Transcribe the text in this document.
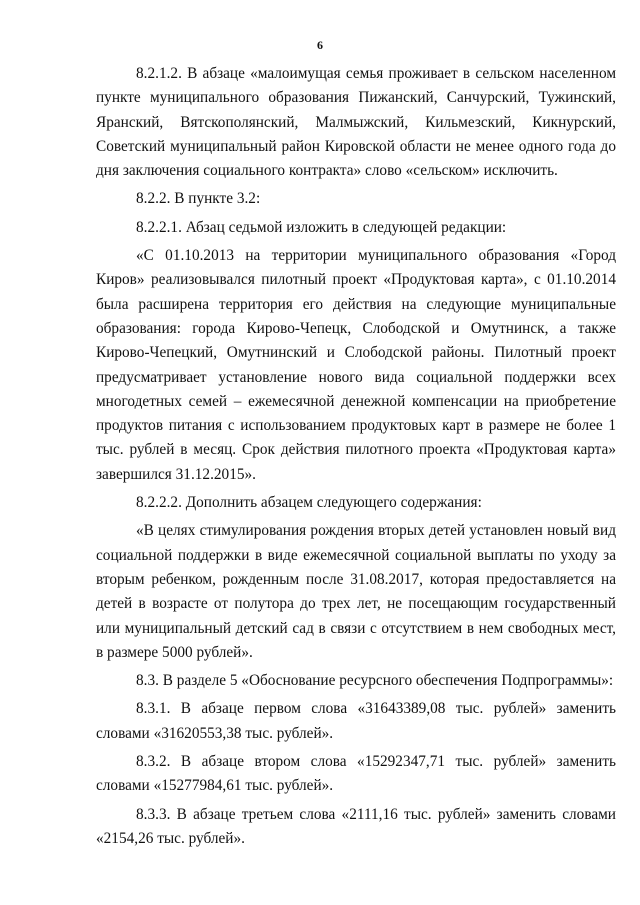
6

8.2.1.2. В абзаце «малоимущая семья проживает в сельском населенном пункте муниципального образования Пижанский, Санчурский, Тужинский, Яранский, Вятскополянский, Малмыжский, Кильмезский, Кикнурский, Советский муниципальный район Кировской области не менее одного года до дня заключения социального контракта» слово «сельском» исключить.

8.2.2. В пункте 3.2:

8.2.2.1. Абзац седьмой изложить в следующей редакции:

«С 01.10.2013 на территории муниципального образования «Город Киров» реализовывался пилотный проект «Продуктовая карта», с 01.10.2014 была расширена территория его действия на следующие муниципальные образования: города Кирово-Чепецк, Слободской и Омутнинск, а также Кирово-Чепецкий, Омутнинский и Слободской районы. Пилотный проект предусматривает установление нового вида социальной поддержки всех многодетных семей – ежемесячной денежной компенсации на приобретение продуктов питания с использованием продуктовых карт в размере не более 1 тыс. рублей в месяц. Срок действия пилотного проекта «Продуктовая карта» завершился 31.12.2015».

8.2.2.2. Дополнить абзацем следующего содержания:

«В целях стимулирования рождения вторых детей установлен новый вид социальной поддержки в виде ежемесячной социальной выплаты по уходу за вторым ребенком, рожденным после 31.08.2017, которая предоставляется на детей в возрасте от полутора до трех лет, не посещающим государственный или муниципальный детский сад в связи с отсутствием в нем свободных мест, в размере 5000 рублей».

8.3. В разделе 5 «Обоснование ресурсного обеспечения Подпрограммы»:

8.3.1. В абзаце первом слова «31643389,08 тыс. рублей» заменить словами «31620553,38 тыс. рублей».

8.3.2. В абзаце втором слова «15292347,71 тыс. рублей» заменить словами «15277984,61 тыс. рублей».

8.3.3. В абзаце третьем слова «2111,16 тыс. рублей» заменить словами «2154,26 тыс. рублей».
